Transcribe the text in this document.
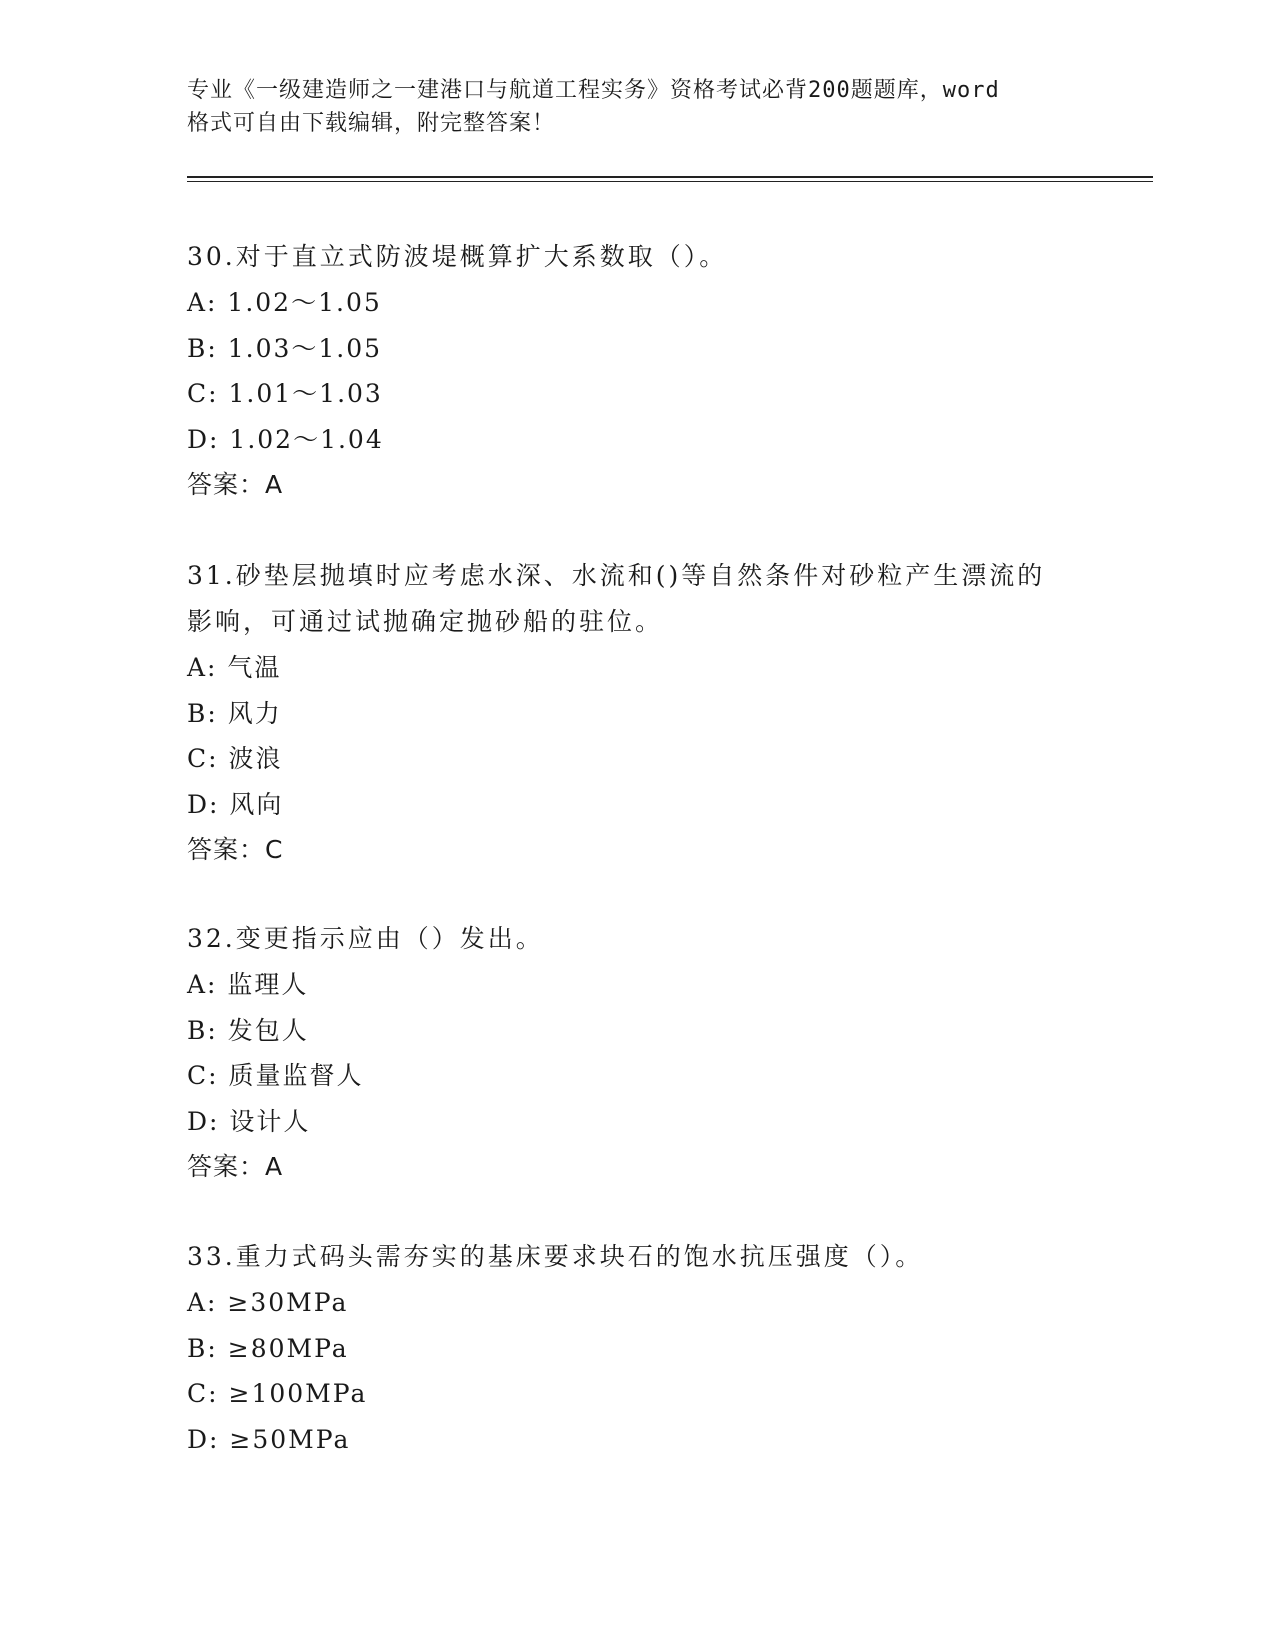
专业《一级建造师之一建港口与航道工程实务》资格考试必背200题题库，word
格式可自由下载编辑，附完整答案！
30.对于直立式防波堤概算扩大系数取（）。
A: 1.02～1.05
B: 1.03～1.05
C: 1.01～1.03
D: 1.02～1.04
答案：A
31.砂垫层抛填时应考虑水深、水流和()等自然条件对砂粒产生漂流的
影响，可通过试抛确定抛砂船的驻位。
A: 气温
B: 风力
C: 波浪
D: 风向
答案：C
32.变更指示应由（）发出。
A: 监理人
B: 发包人
C: 质量监督人
D: 设计人
答案：A
33.重力式码头需夯实的基床要求块石的饱水抗压强度（）。
A: ≥30MPa
B: ≥80MPa
C: ≥100MPa
D: ≥50MPa
